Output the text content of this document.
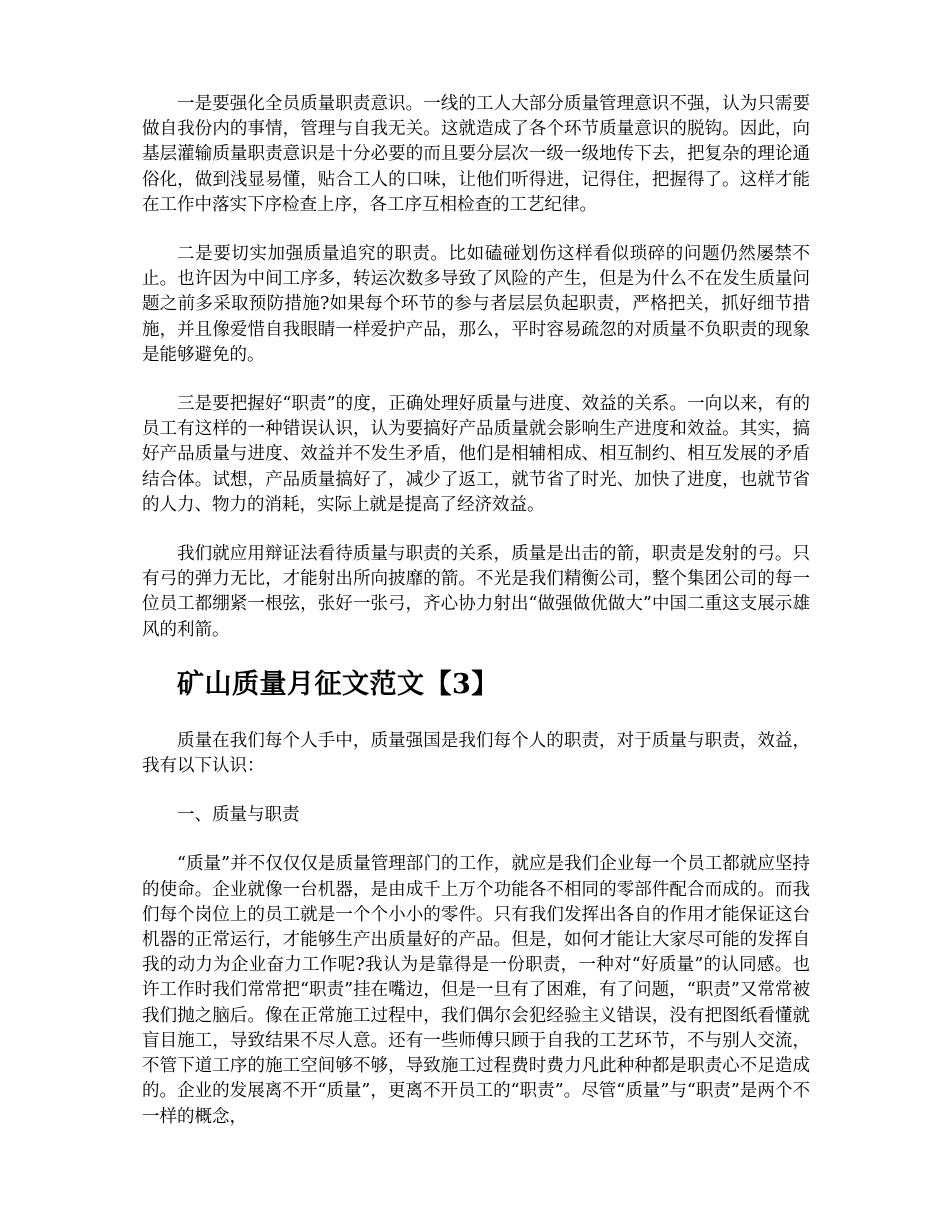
一是要强化全员质量职责意识。一线的工人大部分质量管理意识不强，认为只需要做自我份内的事情，管理与自我无关。这就造成了各个环节质量意识的脱钩。因此，向基层灌输质量职责意识是十分必要的而且要分层次一级一级地传下去，把复杂的理论通俗化，做到浅显易懂，贴合工人的口味，让他们听得进，记得住，把握得了。这样才能在工作中落实下序检查上序，各工序互相检查的工艺纪律。

二是要切实加强质量追究的职责。比如磕碰划伤这样看似琐碎的问题仍然屡禁不止。也许因为中间工序多，转运次数多导致了风险的产生，但是为什么不在发生质量问题之前多采取预防措施?如果每个环节的参与者层层负起职责，严格把关，抓好细节措施，并且像爱惜自我眼睛一样爱护产品，那么，平时容易疏忽的对质量不负职责的现象是能够避免的。

三是要把握好“职责”的度，正确处理好质量与进度、效益的关系。一向以来，有的员工有这样的一种错误认识，认为要搞好产品质量就会影响生产进度和效益。其实，搞好产品质量与进度、效益并不发生矛盾，他们是相辅相成、相互制约、相互发展的矛盾结合体。试想，产品质量搞好了，减少了返工，就节省了时光、加快了进度，也就节省的人力、物力的消耗，实际上就是提高了经济效益。

我们就应用辩证法看待质量与职责的关系，质量是出击的箭，职责是发射的弓。只有弓的弹力无比，才能射出所向披靡的箭。不光是我们精衡公司，整个集团公司的每一位员工都绷紧一根弦，张好一张弓，齐心协力射出“做强做优做大”中国二重这支展示雄风的利箭。

矿山质量月征文范文【3】

质量在我们每个人手中，质量强国是我们每个人的职责，对于质量与职责，效益，我有以下认识：

一、质量与职责

“质量”并不仅仅仅是质量管理部门的工作，就应是我们企业每一个员工都就应坚持的使命。企业就像一台机器，是由成千上万个功能各不相同的零部件配合而成的。而我们每个岗位上的员工就是一个个小小的零件。只有我们发挥出各自的作用才能保证这台机器的正常运行，才能够生产出质量好的产品。但是，如何才能让大家尽可能的发挥自我的动力为企业奋力工作呢?我认为是靠得是一份职责，一种对“好质量”的认同感。也许工作时我们常常把“职责”挂在嘴边，但是一旦有了困难，有了问题，“职责”又常常被我们抛之脑后。像在正常施工过程中，我们偶尔会犯经验主义错误，没有把图纸看懂就盲目施工，导致结果不尽人意。还有一些师傅只顾于自我的工艺环节，不与别人交流，不管下道工序的施工空间够不够，导致施工过程费时费力凡此种种都是职责心不足造成的。企业的发展离不开“质量”，更离不开员工的“职责”。尽管“质量”与“职责”是两个不一样的概念，
